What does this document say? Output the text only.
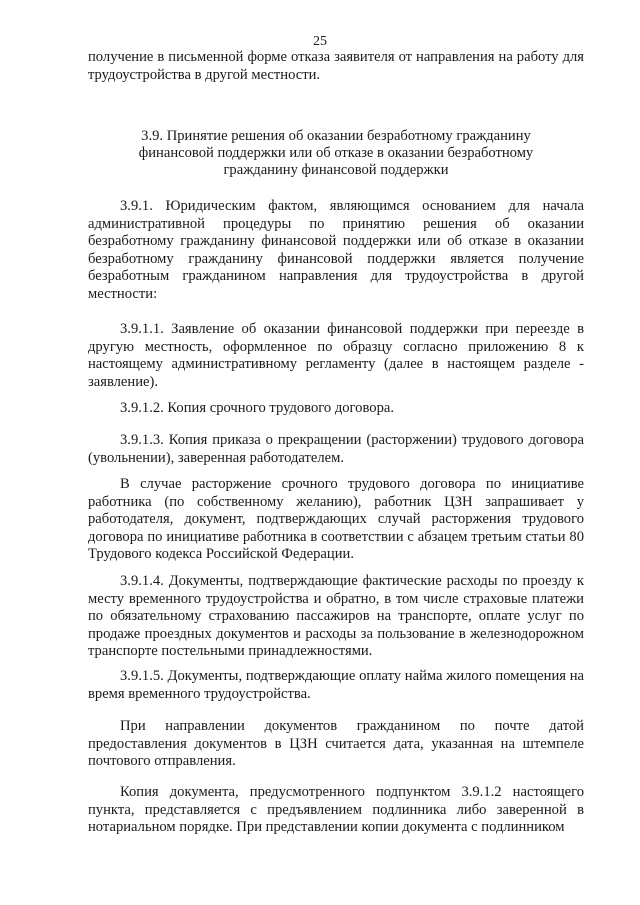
25

получение в письменной форме отказа заявителя от направления на работу для трудоустройства в другой местности.

3.9. Принятие решения об оказании безработному гражданину финансовой поддержки или об отказе в оказании безработному гражданину финансовой поддержки

3.9.1. Юридическим фактом, являющимся основанием для начала административной процедуры по принятию решения об оказании безработному гражданину финансовой поддержки или об отказе в оказании безработному гражданину финансовой поддержки является получение безработным гражданином направления для трудоустройства в другой местности:

3.9.1.1. Заявление об оказании финансовой поддержки при переезде в другую местность, оформленное по образцу согласно приложению 8 к настоящему административному регламенту (далее в настоящем разделе - заявление).

3.9.1.2. Копия срочного трудового договора.

3.9.1.3. Копия приказа о прекращении (расторжении) трудового договора (увольнении), заверенная работодателем.

В случае расторжение срочного трудового договора по инициативе работника (по собственному желанию), работник ЦЗН запрашивает у работодателя, документ, подтверждающих случай расторжения трудового договора по инициативе работника в соответствии с абзацем третьим статьи 80 Трудового кодекса Российской Федерации.

3.9.1.4. Документы, подтверждающие фактические расходы по проезду к месту временного трудоустройства и обратно, в том числе страховые платежи по обязательному страхованию пассажиров на транспорте, оплате услуг по продаже проездных документов и расходы за пользование в железнодорожном транспорте постельными принадлежностями.

3.9.1.5. Документы, подтверждающие оплату найма жилого помещения на время временного трудоустройства.

При направлении документов гражданином по почте датой предоставления документов в ЦЗН считается дата, указанная на штемпеле почтового отправления.

Копия документа, предусмотренного подпунктом 3.9.1.2 настоящего пункта, представляется с предъявлением подлинника либо заверенной в нотариальном порядке. При представлении копии документа с подлинником
